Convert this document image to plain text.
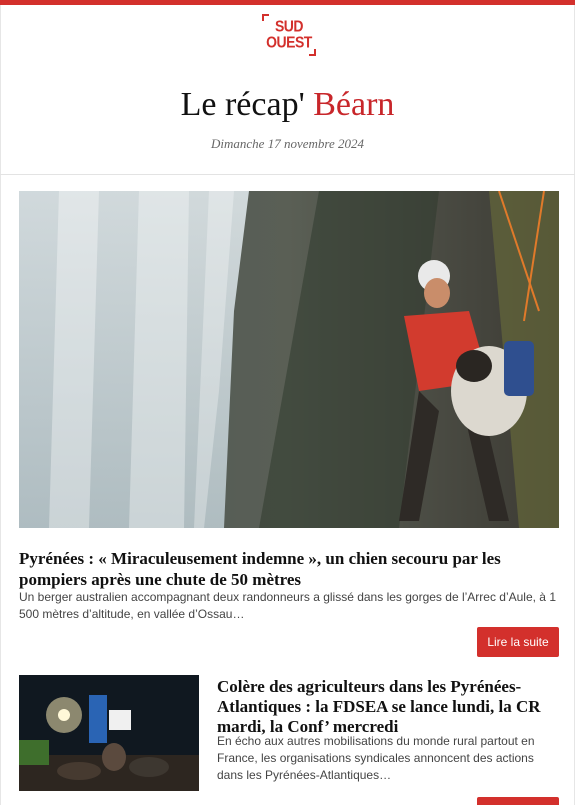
SUD
OUEST
Le récap' Béarn
Dimanche 17 novembre 2024
Pyrénées : « Miraculeusement indemne », un chien secouru par les pompiers après une chute de 50 mètres
Un berger australien accompagnant deux randonneurs a glissé dans les gorges de l’Arrec d’Aule, à 1 500 mètres d’altitude, en vallée d’Ossau…
Lire la suite
Colère des agriculteurs dans les Pyrénées-Atlantiques : la FDSEA se lance lundi, la CR mardi, la Conf’ mercredi
En écho aux autres mobilisations du monde rural partout en France, les organisations syndicales annoncent des actions dans les Pyrénées-Atlantiques…
